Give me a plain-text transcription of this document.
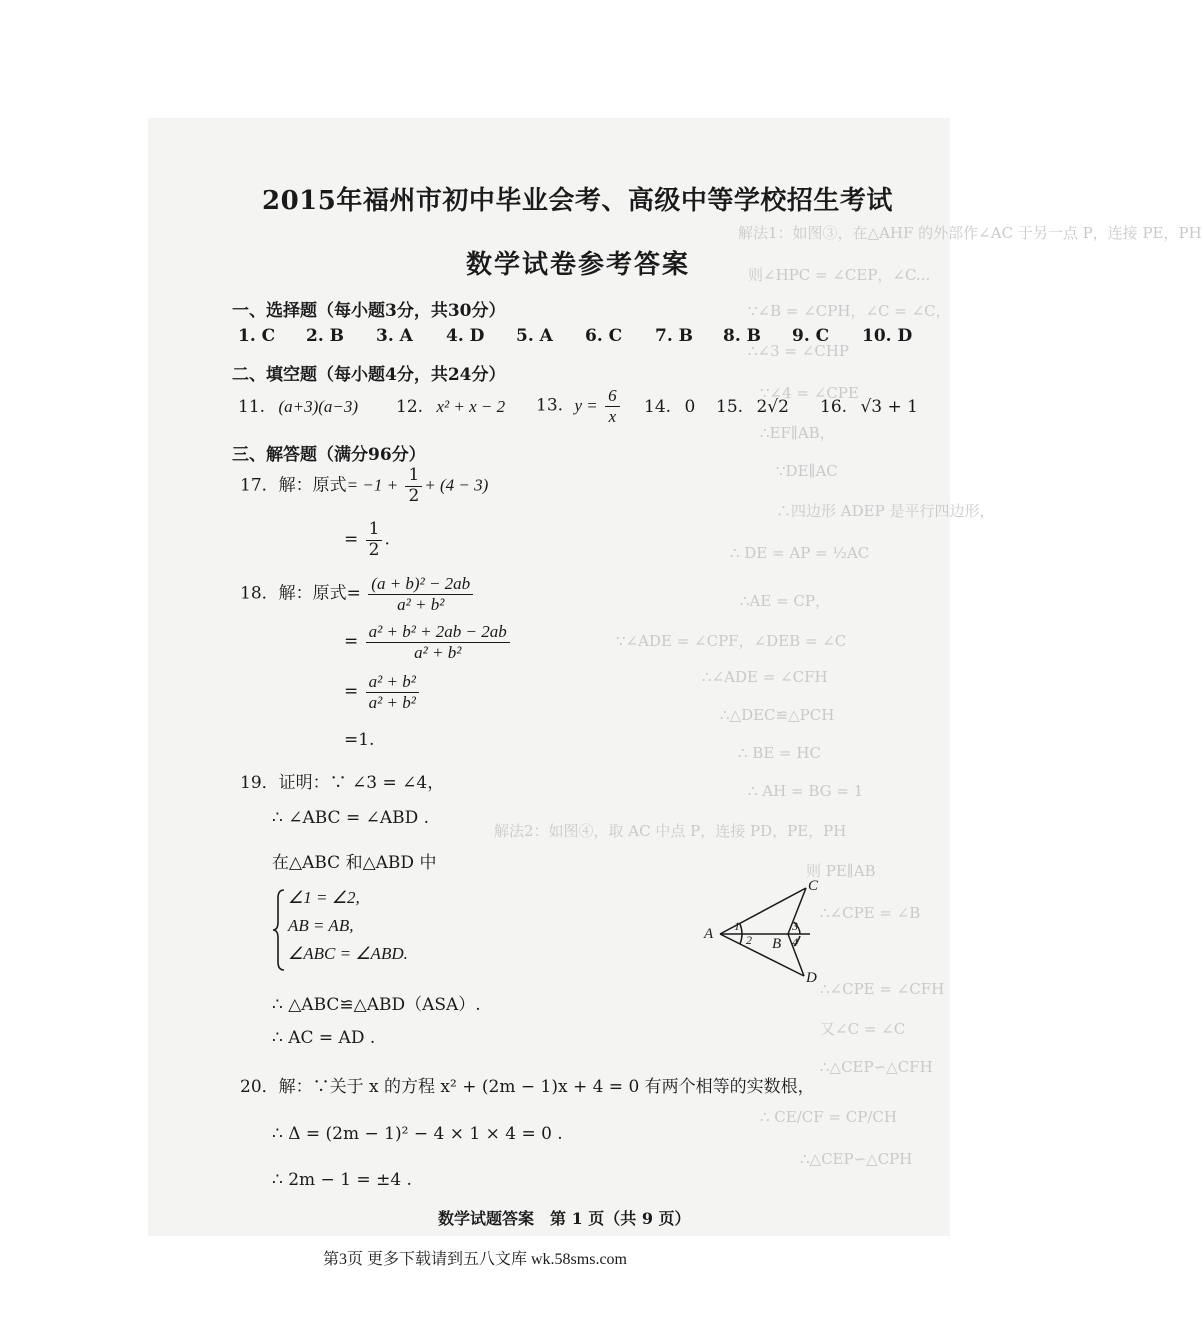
解法1：如图③，在△AHF 的外部作∠AC 于另一点 P，连接 PE，PH
则∠HPC = ∠CEP，∠C...
∵∠B = ∠CPH，∠C = ∠C，
∴∠3 = ∠CHP
∵∠4 = ∠CPE
∴EF∥AB，
∵DE∥AC
∴四边形 ADEP 是平行四边形，
∴ DE = AP = ½AC
∴AE = CP，
∵∠ADE = ∠CPF，∠DEB = ∠C
∴∠ADE = ∠CFH
∴△DEC≌△PCH
∴ BE = HC
∴ AH = BG = 1
解法2：如图④，取 AC 中点 P，连接 PD，PE，PH
则 PE∥AB
∴∠CPE = ∠B
∴∠CPE = ∠CFH
又∠C = ∠C
∴△CEP∽△CFH
∴ CE/CF = CP/CH
∴△CEP∽△CPH
2015年福州市初中毕业会考、高级中等学校招生考试
数学试卷参考答案
一、选择题（每小题3分，共30分）
1. C 2. B 3. A 4. D 5. A 6. C 7. B 8. B 9. C 10. D
二、填空题（每小题4分，共24分）
11. (a+3)(a−3) 12. x² + x − 2 13. $y = \frac{6}{x} 14$. 0 15. 2√2 16. √3 + 1
三、解答题（满分96分）
17．解：原式= $-1 + \frac{1}{2} + (4 - 3)$
= $\frac{1}{2}$ .
18．解：原式= $\frac{\text{(a + b)² − 2ab}}{\text{a² + b²}}$
= $\frac{\text{a² + b² + 2ab − 2ab}}{\text{a² + b²}}$
= $\frac{\text{a² + b²}}{\text{a² + b²}}$
=1.
19．证明：∵ ∠3 = ∠4，
∴ ∠ABC = ∠ABD .
在△ABC 和△ABD 中
∠1 = ∠2,
AB = AB,
∠ABC = ∠ABD.
∴ △ABC≌△ABD（ASA）.
∴ AC = AD .
A
C
B
D
1
2
3
4
20．解：∵关于 x 的方程 x² + (2m − 1)x + 4 = 0 有两个相等的实数根，
∴ Δ = (2m − 1)² − 4 × 1 × 4 = 0 .
∴ 2m − 1 = ±4 .
数学试题答案　第 1 页（共 9 页）
第3页 更多下载请到五八文库 wk.58sms.com
